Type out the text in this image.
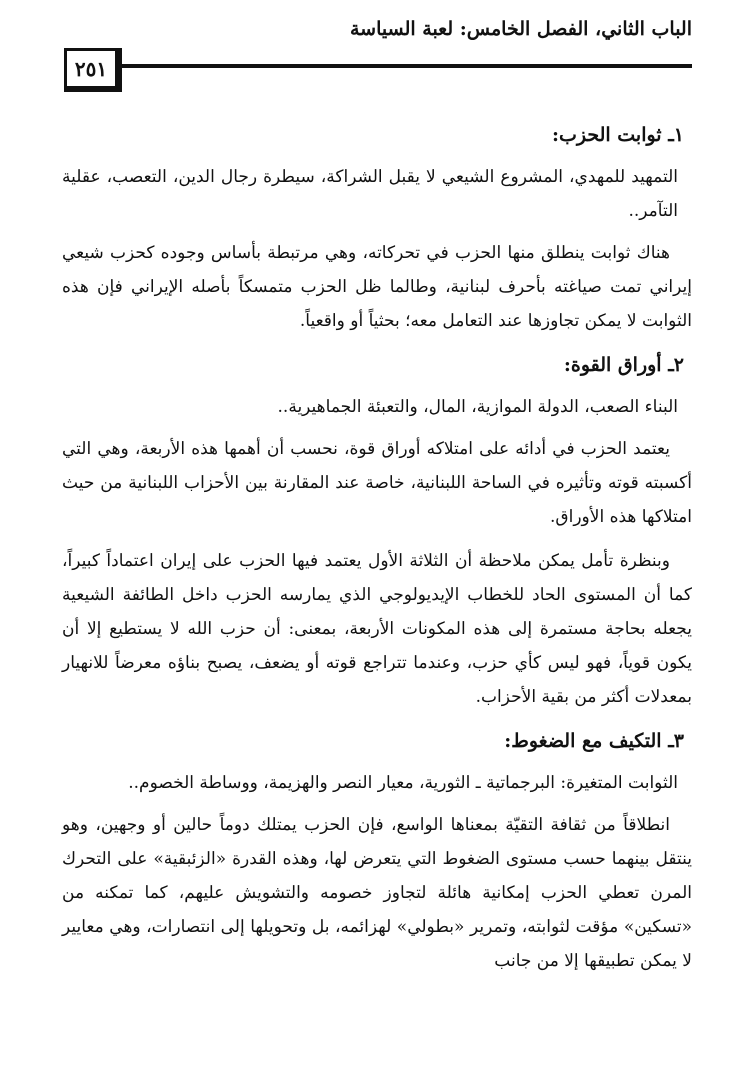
الباب الثاني، الفصل الخامس: لعبة السياسة
٢٥١
١ـ ثوابت الحزب:
التمهيد للمهدي، المشروع الشيعي لا يقبل الشراكة، سيطرة رجال الدين، التعصب، عقلية التآمر..

هناك ثوابت ينطلق منها الحزب في تحركاته، وهي مرتبطة بأساس وجوده كحزب شيعي إيراني تمت صياغته بأحرف لبنانية، وطالما ظل الحزب متمسكاً بأصله الإيراني فإن هذه الثوابت لا يمكن تجاوزها عند التعامل معه؛ بحثياً أو واقعياً.

٢ـ أوراق القوة:
البناء الصعب، الدولة الموازية، المال، والتعبئة الجماهيرية..

يعتمد الحزب في أدائه على امتلاكه أوراق قوة، نحسب أن أهمها هذه الأربعة، وهي التي أكسبته قوته وتأثيره في الساحة اللبنانية، خاصة عند المقارنة بين الأحزاب اللبنانية من حيث امتلاكها هذه الأوراق.

وبنظرة تأمل يمكن ملاحظة أن الثلاثة الأول يعتمد فيها الحزب على إيران اعتماداً كبيراً، كما أن المستوى الحاد للخطاب الإيديولوجي الذي يمارسه الحزب داخل الطائفة الشيعية يجعله بحاجة مستمرة إلى هذه المكونات الأربعة، بمعنى: أن حزب الله لا يستطيع إلا أن يكون قوياً، فهو ليس كأي حزب، وعندما تتراجع قوته أو يضعف، يصبح بناؤه معرضاً للانهيار بمعدلات أكثر من بقية الأحزاب.

٣ـ التكيف مع الضغوط:
الثوابت المتغيرة: البرجماتية ـ الثورية، معيار النصر والهزيمة، ووساطة الخصوم..

انطلاقاً من ثقافة التقيّة بمعناها الواسع، فإن الحزب يمتلك دوماً حالين أو وجهين، وهو ينتقل بينهما حسب مستوى الضغوط التي يتعرض لها، وهذه القدرة «الزئبقية» على التحرك المرن تعطي الحزب إمكانية هائلة لتجاوز خصومه والتشويش عليهم، كما تمكنه من «تسكين» مؤقت لثوابته، وتمرير «بطولي» لهزائمه، بل وتحويلها إلى انتصارات، وهي معايير لا يمكن تطبيقها إلا من جانب
